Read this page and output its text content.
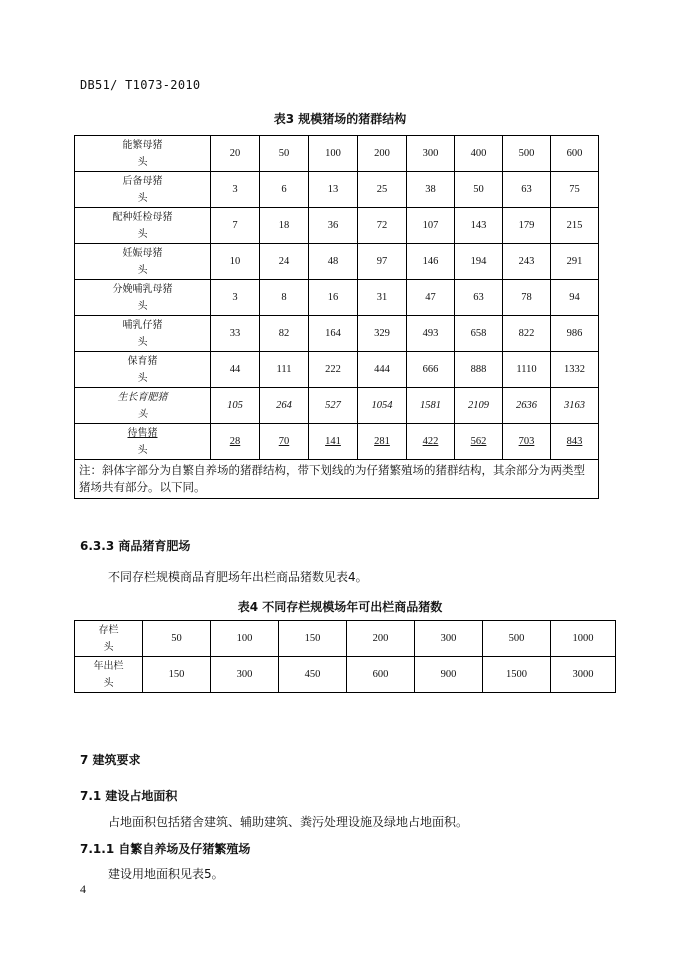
DB51/ T1073-2010
表3 规模猪场的猪群结构
能繁母猪
头	20	50	100	200	300	400	500	600

后备母猪
头	3	6	13	25	38	50	63	75

配种妊检母猪
头	7	18	36	72	107	143	179	215

妊娠母猪
头	10	24	48	97	146	194	243	291

分娩哺乳母猪
头	3	8	16	31	47	63	78	94

哺乳仔猪
头	33	82	164	329	493	658	822	986

保育猪
头	44	111	222	444	666	888	1110	1332

生长育肥猪
头	105	264	527	1054	1581	2109	2636	3163

待售猪
头	28	70	141	281	422	562	703	843
注：斜体字部分为自繁自养场的猪群结构，带下划线的为仔猪繁殖场的猪群结构，其余部分为两类型猪场共有部分。以下同。								
6.3.3 商品猪育肥场
不同存栏规模商品育肥场年出栏商品猪数见表4。
表4 不同存栏规模场年可出栏商品猪数
存栏
头	50	100	150	200	300	500	1000

年出栏
头	150	300	450	600	900	1500	3000
7 建筑要求
7.1 建设占地面积
占地面积包括猪舍建筑、辅助建筑、粪污处理设施及绿地占地面积。
7.1.1 自繁自养场及仔猪繁殖场
建设用地面积见表5。
4
